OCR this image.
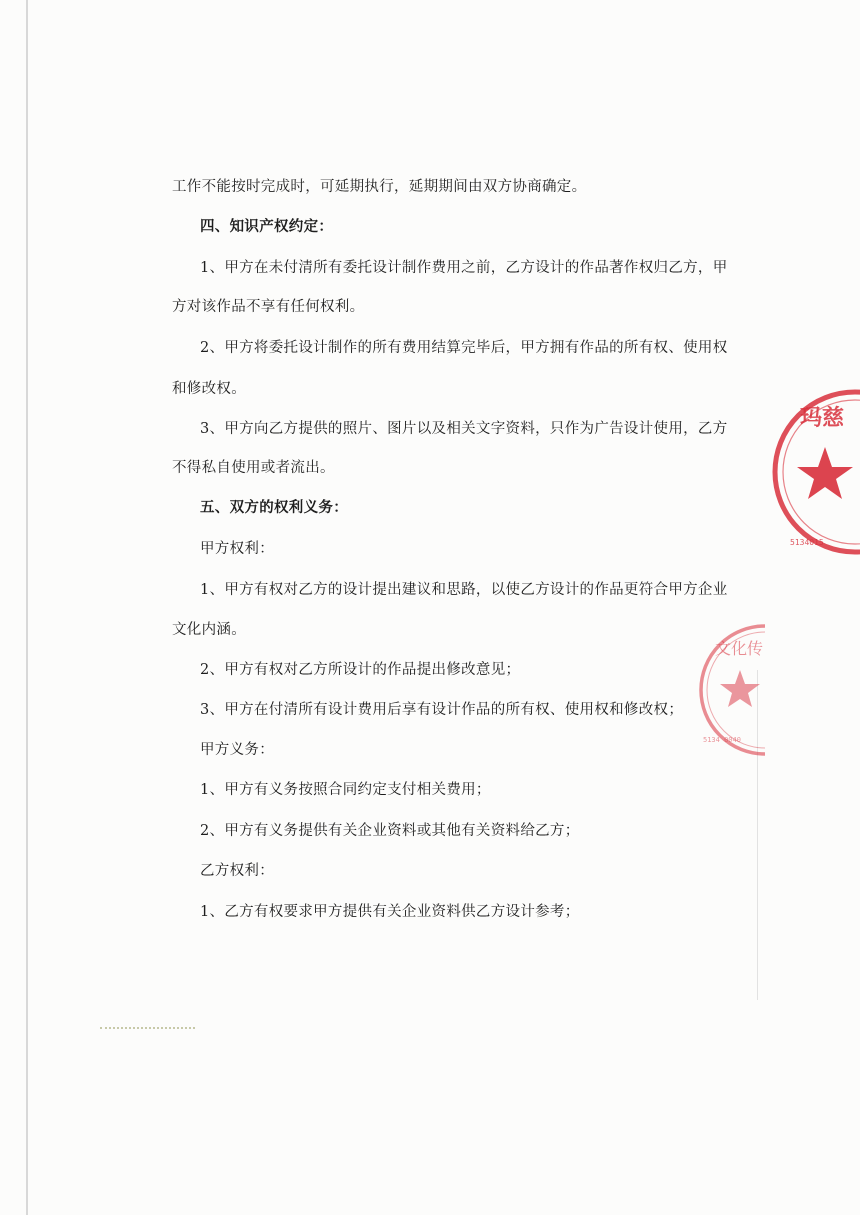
工作不能按时完成时，可延期执行，延期期间由双方协商确定。
四、知识产权约定：
1、甲方在未付清所有委托设计制作费用之前，乙方设计的作品著作权归乙方，甲
方对该作品不享有任何权利。
2、甲方将委托设计制作的所有费用结算完毕后，甲方拥有作品的所有权、使用权
和修改权。
3、甲方向乙方提供的照片、图片以及相关文字资料，只作为广告设计使用，乙方
不得私自使用或者流出。
五、双方的权利义务：
甲方权利：
1、甲方有权对乙方的设计提出建议和思路，以使乙方设计的作品更符合甲方企业
文化内涵。
2、甲方有权对乙方所设计的作品提出修改意见；
3、甲方在付清所有设计费用后享有设计作品的所有权、使用权和修改权；
甲方义务：
1、甲方有义务按照合同约定支付相关费用；
2、甲方有义务提供有关企业资料或其他有关资料给乙方；
乙方权利：
1、乙方有权要求甲方提供有关企业资料供乙方设计参考；
玛慈
5134015
文化传
5134 0040
